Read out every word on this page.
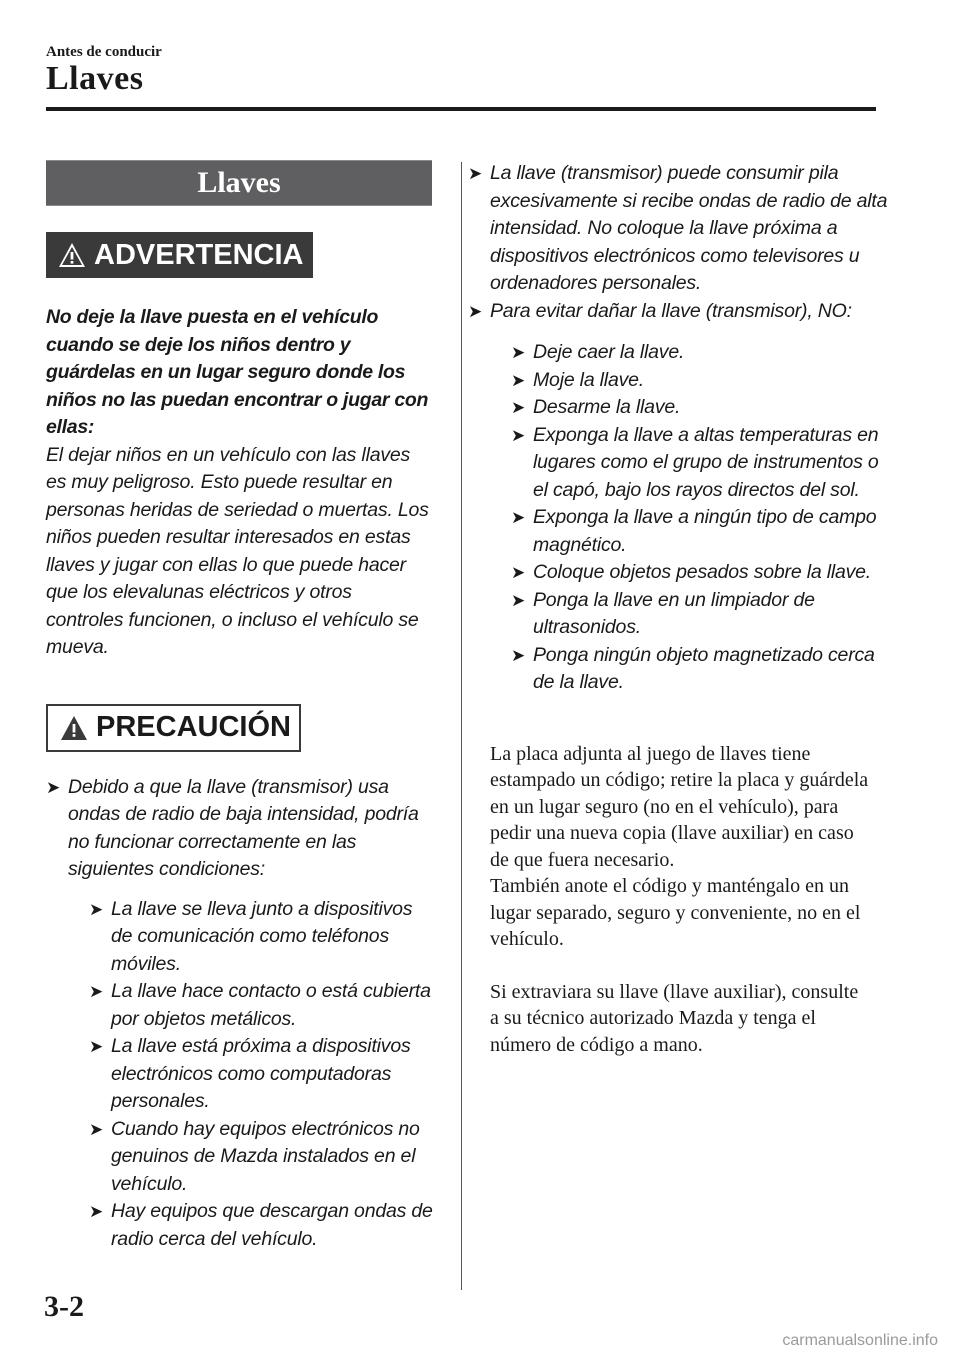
Antes de conducir
Llaves
Llaves
ADVERTENCIA
No deje la llave puesta en el vehículo cuando se deje los niños dentro y guárdelas en un lugar seguro donde los niños no las puedan encontrar o jugar con ellas:
El dejar niños en un vehículo con las llaves es muy peligroso. Esto puede resultar en personas heridas de seriedad o muertas. Los niños pueden resultar interesados en estas llaves y jugar con ellas lo que puede hacer que los elevalunas eléctricos y otros controles funcionen, o incluso el vehículo se mueva.
PRECAUCIÓN
➤ Debido a que la llave (transmisor) usa ondas de radio de baja intensidad, podría no funcionar correctamente en las siguientes condiciones:
➤ La llave se lleva junto a dispositivos de comunicación como teléfonos móviles.
➤ La llave hace contacto o está cubierta por objetos metálicos.
➤ La llave está próxima a dispositivos electrónicos como computadoras personales.
➤ Cuando hay equipos electrónicos no genuinos de Mazda instalados en el vehículo.
➤ Hay equipos que descargan ondas de radio cerca del vehículo.
➤ La llave (transmisor) puede consumir pila excesivamente si recibe ondas de radio de alta intensidad. No coloque la llave próxima a dispositivos electrónicos como televisores u ordenadores personales.
➤ Para evitar dañar la llave (transmisor), NO:
➤ Deje caer la llave.
➤ Moje la llave.
➤ Desarme la llave.
➤ Exponga la llave a altas temperaturas en lugares como el grupo de instrumentos o el capó, bajo los rayos directos del sol.
➤ Exponga la llave a ningún tipo de campo magnético.
➤ Coloque objetos pesados sobre la llave.
➤ Ponga la llave en un limpiador de ultrasonidos.
➤ Ponga ningún objeto magnetizado cerca de la llave.
La placa adjunta al juego de llaves tiene estampado un código; retire la placa y guárdela en un lugar seguro (no en el vehículo), para pedir una nueva copia (llave auxiliar) en caso de que fuera necesario.
También anote el código y manténgalo en un lugar separado, seguro y conveniente, no en el vehículo.
Si extraviara su llave (llave auxiliar), consulte a su técnico autorizado Mazda y tenga el número de código a mano.
3-2
carmanualsonline.info
